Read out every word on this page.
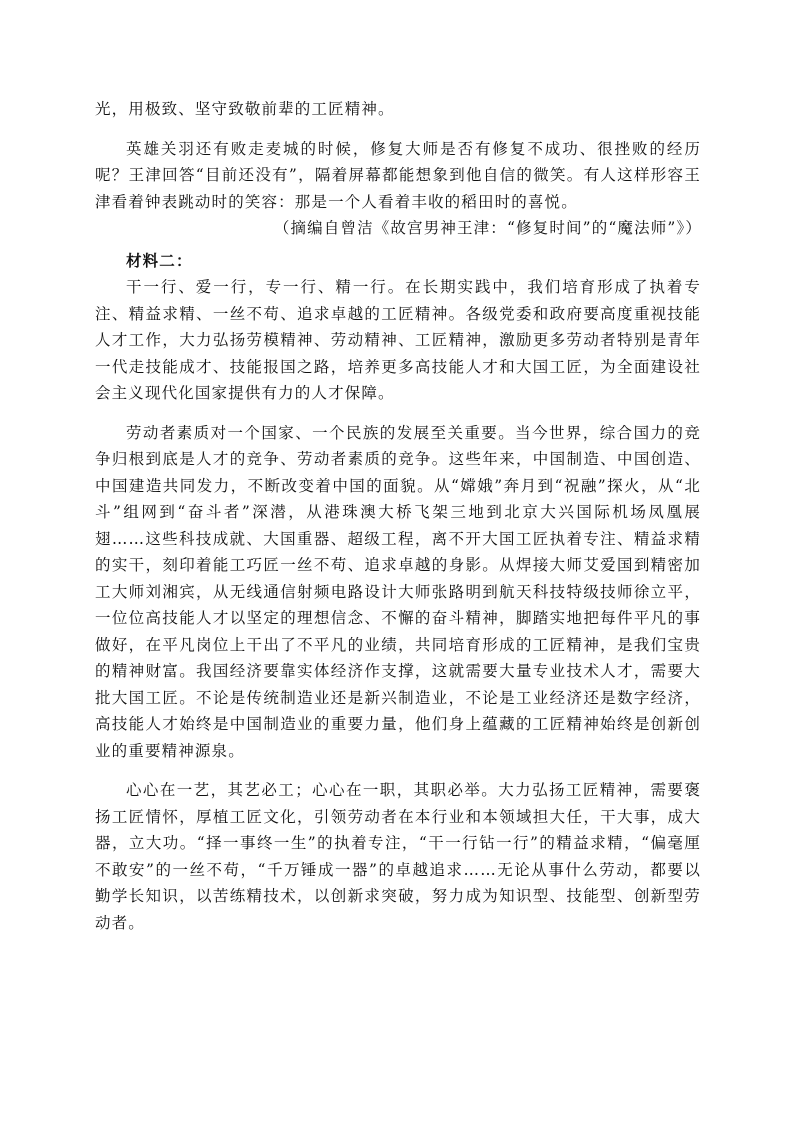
光，用极致、坚守致敬前辈的工匠精神。

英雄关羽还有败走麦城的时候，修复大师是否有修复不成功、很挫败的经历呢？王津回答“目前还没有”，隔着屏幕都能想象到他自信的微笑。有人这样形容王津看着钟表跳动时的笑容：那是一个人看着丰收的稻田时的喜悦。

（摘编自曾洁《故宫男神王津：“修复时间”的“魔法师”》）

材料二：

干一行、爱一行，专一行、精一行。在长期实践中，我们培育形成了执着专注、精益求精、一丝不苟、追求卓越的工匠精神。各级党委和政府要高度重视技能人才工作，大力弘扬劳模精神、劳动精神、工匠精神，激励更多劳动者特别是青年一代走技能成才、技能报国之路，培养更多高技能人才和大国工匠，为全面建设社会主义现代化国家提供有力的人才保障。

劳动者素质对一个国家、一个民族的发展至关重要。当今世界，综合国力的竞争归根到底是人才的竞争、劳动者素质的竞争。这些年来，中国制造、中国创造、中国建造共同发力，不断改变着中国的面貌。从“嫦娥”奔月到“祝融”探火，从“北斗”组网到“奋斗者”深潜，从港珠澳大桥飞架三地到北京大兴国际机场凤凰展翅……这些科技成就、大国重器、超级工程，离不开大国工匠执着专注、精益求精的实干，刻印着能工巧匠一丝不苟、追求卓越的身影。从焊接大师艾爱国到精密加工大师刘湘宾，从无线通信射频电路设计大师张路明到航天科技特级技师徐立平，一位位高技能人才以坚定的理想信念、不懈的奋斗精神，脚踏实地把每件平凡的事做好，在平凡岗位上干出了不平凡的业绩，共同培育形成的工匠精神，是我们宝贵的精神财富。我国经济要靠实体经济作支撑，这就需要大量专业技术人才，需要大批大国工匠。不论是传统制造业还是新兴制造业，不论是工业经济还是数字经济，高技能人才始终是中国制造业的重要力量，他们身上蕴藏的工匠精神始终是创新创业的重要精神源泉。

心心在一艺，其艺必工；心心在一职，其职必举。大力弘扬工匠精神，需要褒扬工匠情怀，厚植工匠文化，引领劳动者在本行业和本领域担大任，干大事，成大器，立大功。“择一事终一生”的执着专注，“干一行钻一行”的精益求精，“偏毫厘不敢安”的一丝不苟，“千万锤成一器”的卓越追求……无论从事什么劳动，都要以勤学长知识，以苦练精技术，以创新求突破，努力成为知识型、技能型、创新型劳动者。
